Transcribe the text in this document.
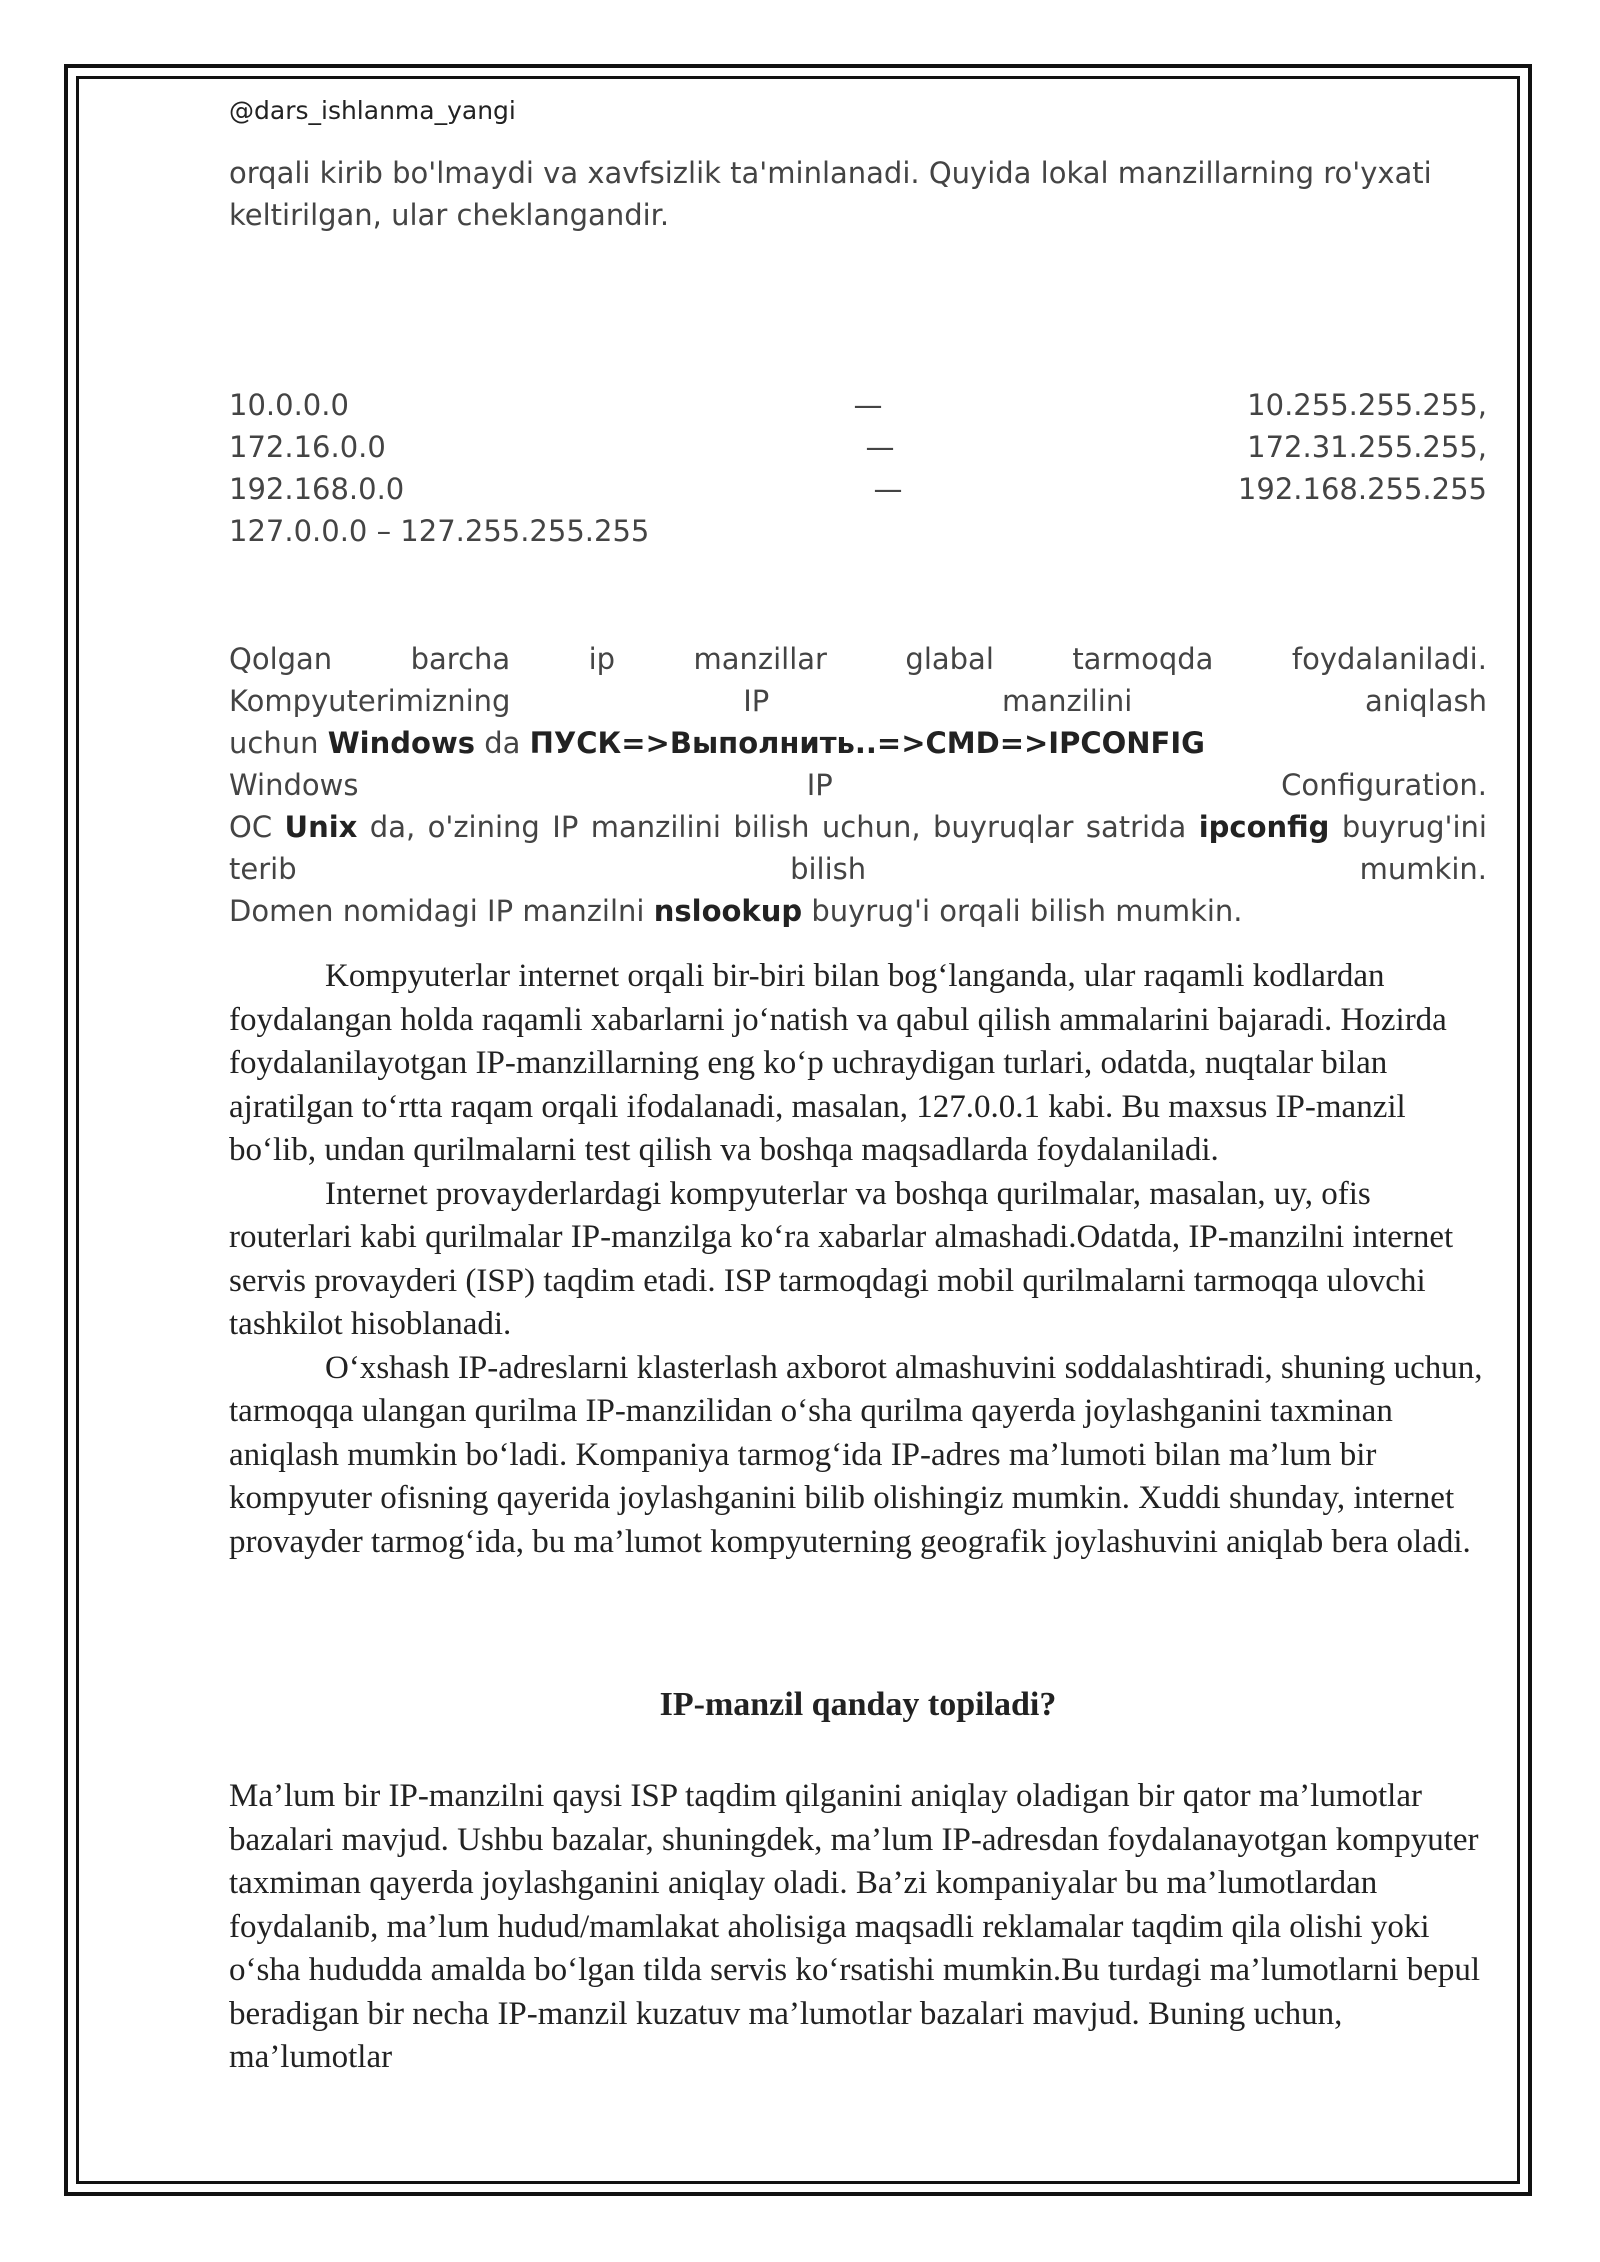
@dars_ishlanma_yangi
orqali kirib bo'lmaydi va xavfsizlik ta'minlanadi. Quyida lokal manzillarning ro'yxati
keltirilgan, ular cheklangandir.
10.0.0.0	—	10.255.255.255,
172.16.0.0	—	172.31.255.255,
192.168.0.0	—	192.168.255.255
127.0.0.0 – 127.255.255.255
Qolgan	barcha	ip	manzillar	glabal	tarmoqda	foydalaniladi.
Kompyuterimizning	IP	manzilini	aniqlash
uchun Windows da ПУСК=>Выполнить..=>CMD=>IPCONFIG
Windows	IP	Configuration.
OC Unix da, o'zining IP manzilini bilish uchun, buyruqlar satrida ipconfig buyrug'ini
terib	bilish	mumkin.
Domen nomidagi IP manzilni nslookup buyrug'i orqali bilish mumkin.

Kompyuterlar internet orqali bir-biri bilan bog‘langanda, ular raqamli kodlardan foydalangan holda raqamli xabarlarni jo‘natish va qabul qilish ammalarini bajaradi. Hozirda foydalanilayotgan IP-manzillarning eng ko‘p uchraydigan turlari, odatda, nuqtalar bilan ajratilgan to‘rtta raqam orqali ifodalanadi, masalan, 127.0.0.1 kabi. Bu maxsus IP-manzil bo‘lib, undan qurilmalarni test qilish va boshqa maqsadlarda foydalaniladi.

Internet provayderlardagi kompyuterlar va boshqa qurilmalar, masalan, uy, ofis routerlari kabi qurilmalar IP-manzilga ko‘ra xabarlar almashadi.Odatda, IP-manzilni internet servis provayderi (ISP) taqdim etadi. ISP tarmoqdagi mobil qurilmalarni tarmoqqa ulovchi tashkilot hisoblanadi.

O‘xshash IP-adreslarni klasterlash axborot almashuvini soddalashtiradi, shuning uchun, tarmoqqa ulangan qurilma IP-manzilidan o‘sha qurilma qayerda joylashganini taxminan aniqlash mumkin bo‘ladi. Kompaniya tarmog‘ida IP-adres ma’lumoti bilan ma’lum bir kompyuter ofisning qayerida joylashganini bilib olishingiz mumkin. Xuddi shunday, internet provayder tarmog‘ida, bu ma’lumot kompyuterning geografik joylashuvini aniqlab bera oladi.

IP-manzil qanday topiladi?

Ma’lum bir IP-manzilni qaysi ISP taqdim qilganini aniqlay oladigan bir qator ma’lumotlar bazalari mavjud. Ushbu bazalar, shuningdek, ma’lum IP-adresdan foydalanayotgan kompyuter taxmiman qayerda joylashganini aniqlay oladi. Ba’zi kompaniyalar bu ma’lumotlardan foydalanib, ma’lum hudud/mamlakat aholisiga maqsadli reklamalar taqdim qila olishi yoki o‘sha hududda amalda bo‘lgan tilda servis ko‘rsatishi mumkin.Bu turdagi ma’lumotlarni bepul beradigan bir necha IP-manzil kuzatuv ma’lumotlar bazalari mavjud. Buning uchun, ma’lumotlar
